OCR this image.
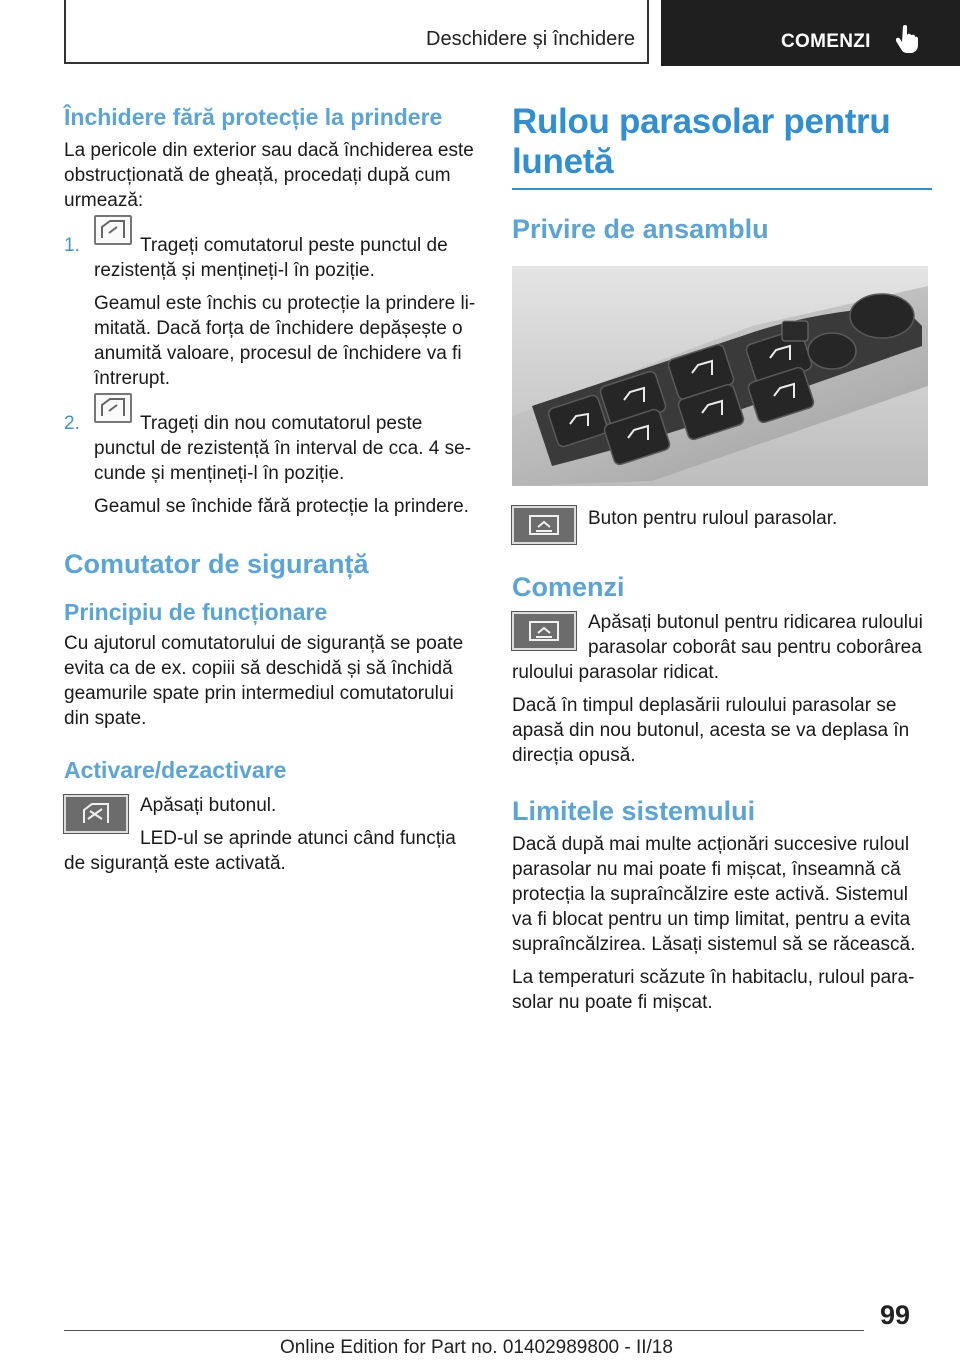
Deschidere și închidere	COMENZI
Închidere fără protecție la prindere

La pericole din exterior sau dacă închiderea este obstrucționată de gheață, procedați după cum urmează:

1.	Trageți comutatorul peste punctul de rezistență și mențineți-l în poziție.

Geamul este închis cu protecție la prindere limitată. Dacă forța de închidere depășește o anumită valoare, procesul de închidere va fi întrerupt.

2.	Trageți din nou comutatorul peste punctul de rezistență în interval de cca. 4 secunde și mențineți-l în poziție.

Geamul se închide fără protecție la prindere.

Comutator de siguranță
Principiu de funcționare

Cu ajutorul comutatorului de siguranță se poate evita ca de ex. copiii să deschidă și să închidă geamurile spate prin intermediul comutatorului din spate.

Activare/dezactivare

Apăsați butonul.

LED-ul se aprinde atunci când funcția de siguranță este activată.

Rulou parasolar pentru lunetă
Privire de ansamblu

Buton pentru ruloul parasolar.

Comenzi

Apăsați butonul pentru ridicarea ruloului parasolar coborât sau pentru coborârea ruloului parasolar ridicat.

Dacă în timpul deplasării ruloului parasolar se apasă din nou butonul, acesta se va deplasa în direcția opusă.

Limitele sistemului

Dacă după mai multe acționări succesive ruloul parasolar nu mai poate fi mișcat, înseamnă că protecția la supraîncălzire este activă. Sistemul va fi blocat pentru un timp limitat, pentru a evita supraîncălzirea. Lăsați sistemul să se răcească.

La temperaturi scăzute în habitaclu, ruloul parasolar nu poate fi mișcat.

99
Online Edition for Part no. 01402989800 - II/18
